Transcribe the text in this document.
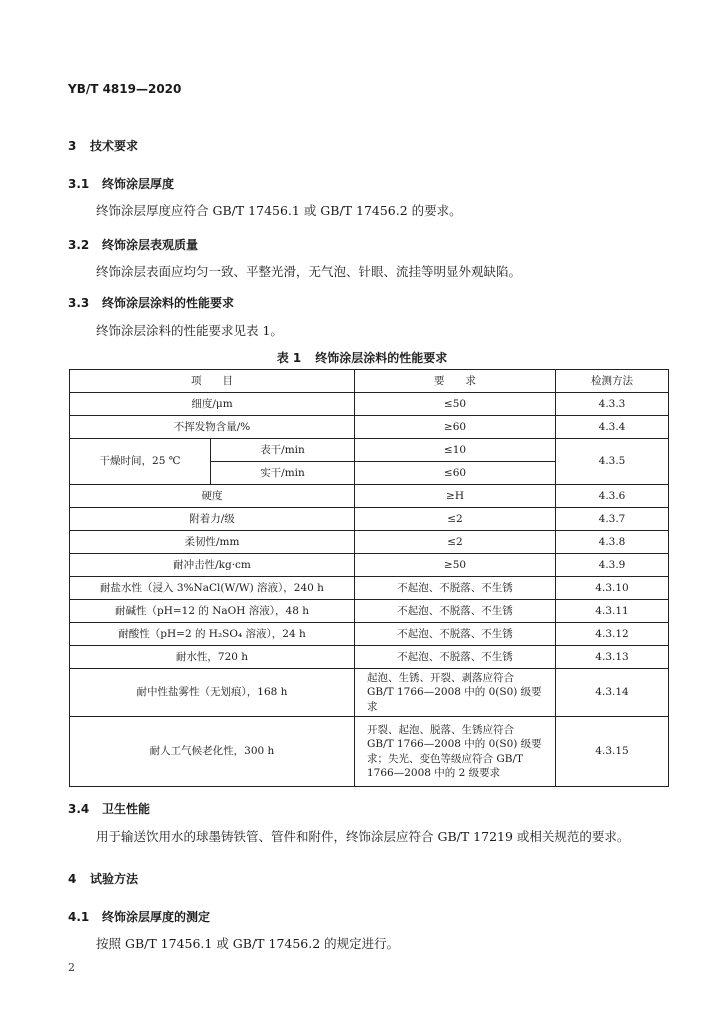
YB/T 4819—2020
3 技术要求
3.1 终饰涂层厚度

终饰涂层厚度应符合 GB/T 17456.1 或 GB/T 17456.2 的要求。

3.2 终饰涂层表观质量

终饰涂层表面应均匀一致、平整光滑，无气泡、针眼、流挂等明显外观缺陷。

3.3 终饰涂层涂料的性能要求

终饰涂层涂料的性能要求见表 1。

表 1 终饰涂层涂料的性能要求
项　　目		要　　求	检测方法
细度/μm		≤50	4.3.3
不挥发物含量/%		≥60	4.3.4
干燥时间，25 ℃	表干/min	≤10	4.3.5
	实干/min	≤60	
硬度		≥H	4.3.6
附着力/级		≤2	4.3.7
柔韧性/mm		≤2	4.3.8
耐冲击性/kg·cm		≥50	4.3.9
耐盐水性（浸入 3%NaCl(W/W) 溶液），240 h		不起泡、不脱落、不生锈	4.3.10
耐碱性（pH=12 的 NaOH 溶液），48 h		不起泡、不脱落、不生锈	4.3.11
耐酸性（pH=2 的 H₂SO₄ 溶液），24 h		不起泡、不脱落、不生锈	4.3.12
耐水性，720 h		不起泡、不脱落、不生锈	4.3.13
耐中性盐雾性（无划痕），168 h		起泡、生锈、开裂、剥落应符合 GB/T 1766—2008 中的 0(S0) 级要求	4.3.14
耐人工气候老化性，300 h		开裂、起泡、脱落、生锈应符合 GB/T 1766—2008 中的 0(S0) 级要求；失光、变色等级应符合 GB/T 1766—2008 中的 2 级要求	4.3.15
3.4 卫生性能

用于输送饮用水的球墨铸铁管、管件和附件，终饰涂层应符合 GB/T 17219 或相关规范的要求。

4 试验方法
4.1 终饰涂层厚度的测定

按照 GB/T 17456.1 或 GB/T 17456.2 的规定进行。

2
